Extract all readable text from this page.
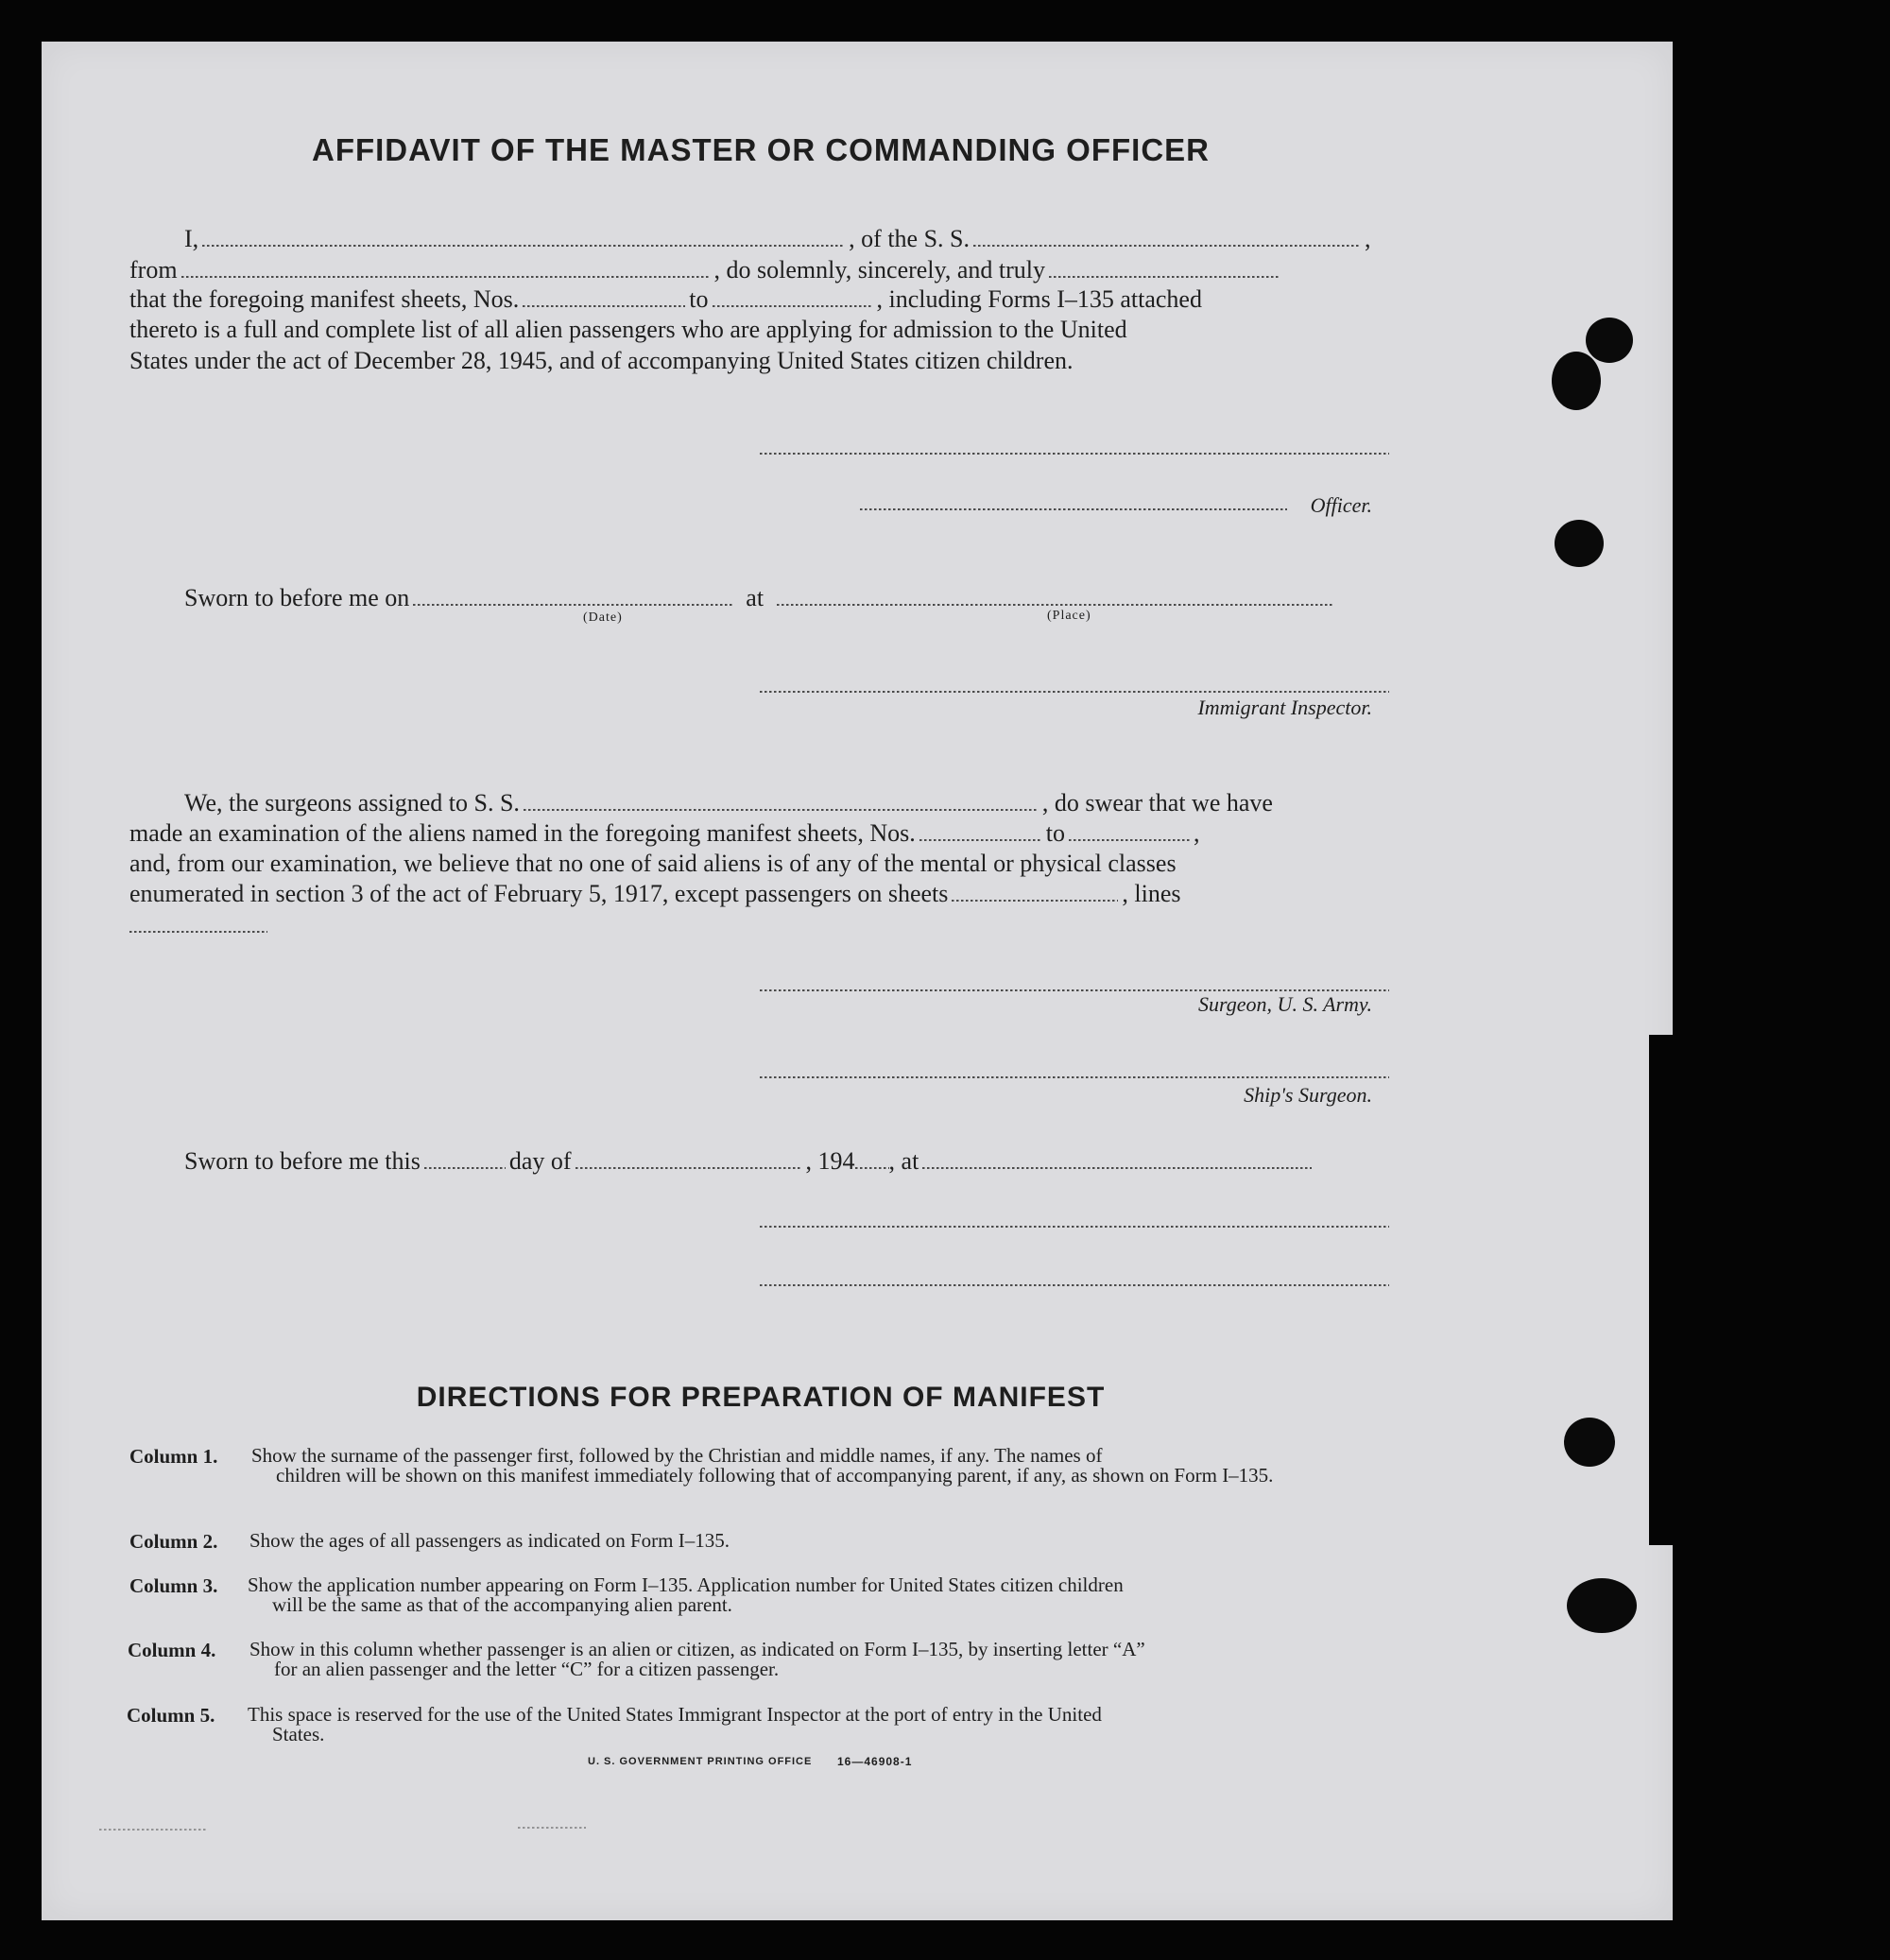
AFFIDAVIT OF THE MASTER OR COMMANDING OFFICER
I,	, of the S. S.	,
from	, do solemnly, sincerely, and truly
that the foregoing manifest sheets, Nos.	to	, including Forms I–135 attached
thereto is a full and complete list of all alien passengers who are applying for admission to the United
States under the act of December 28, 1945, and of accompanying United States citizen children.
Officer.
Sworn to before me on	at
(Date)	(Place)
Immigrant Inspector.
We, the surgeons assigned to S. S.	, do swear that we have
made an examination of the aliens named in the foregoing manifest sheets, Nos.	to	,
and, from our examination, we believe that no one of said aliens is of any of the mental or physical classes
enumerated in section 3 of the act of February 5, 1917, except passengers on sheets	, lines
Surgeon, U. S. Army.
Ship's Surgeon.
Sworn to before me this	day of	, 194 , at
DIRECTIONS FOR PREPARATION OF MANIFEST
Column 1. Show the surname of the passenger first, followed by the Christian and middle names, if any. The names of
children will be shown on this manifest immediately following that of accompanying parent, if any, as shown on Form I–135.
Column 2. Show the ages of all passengers as indicated on Form I–135.
Column 3. Show the application number appearing on Form I–135. Application number for United States citizen children
will be the same as that of the accompanying alien parent.
Column 4. Show in this column whether passenger is an alien or citizen, as indicated on Form I–135, by inserting letter “A”
for an alien passenger and the letter “C” for a citizen passenger.
Column 5. This space is reserved for the use of the United States Immigrant Inspector at the port of entry in the United
States.
U. S. GOVERNMENT PRINTING OFFICE 16—46908-1
